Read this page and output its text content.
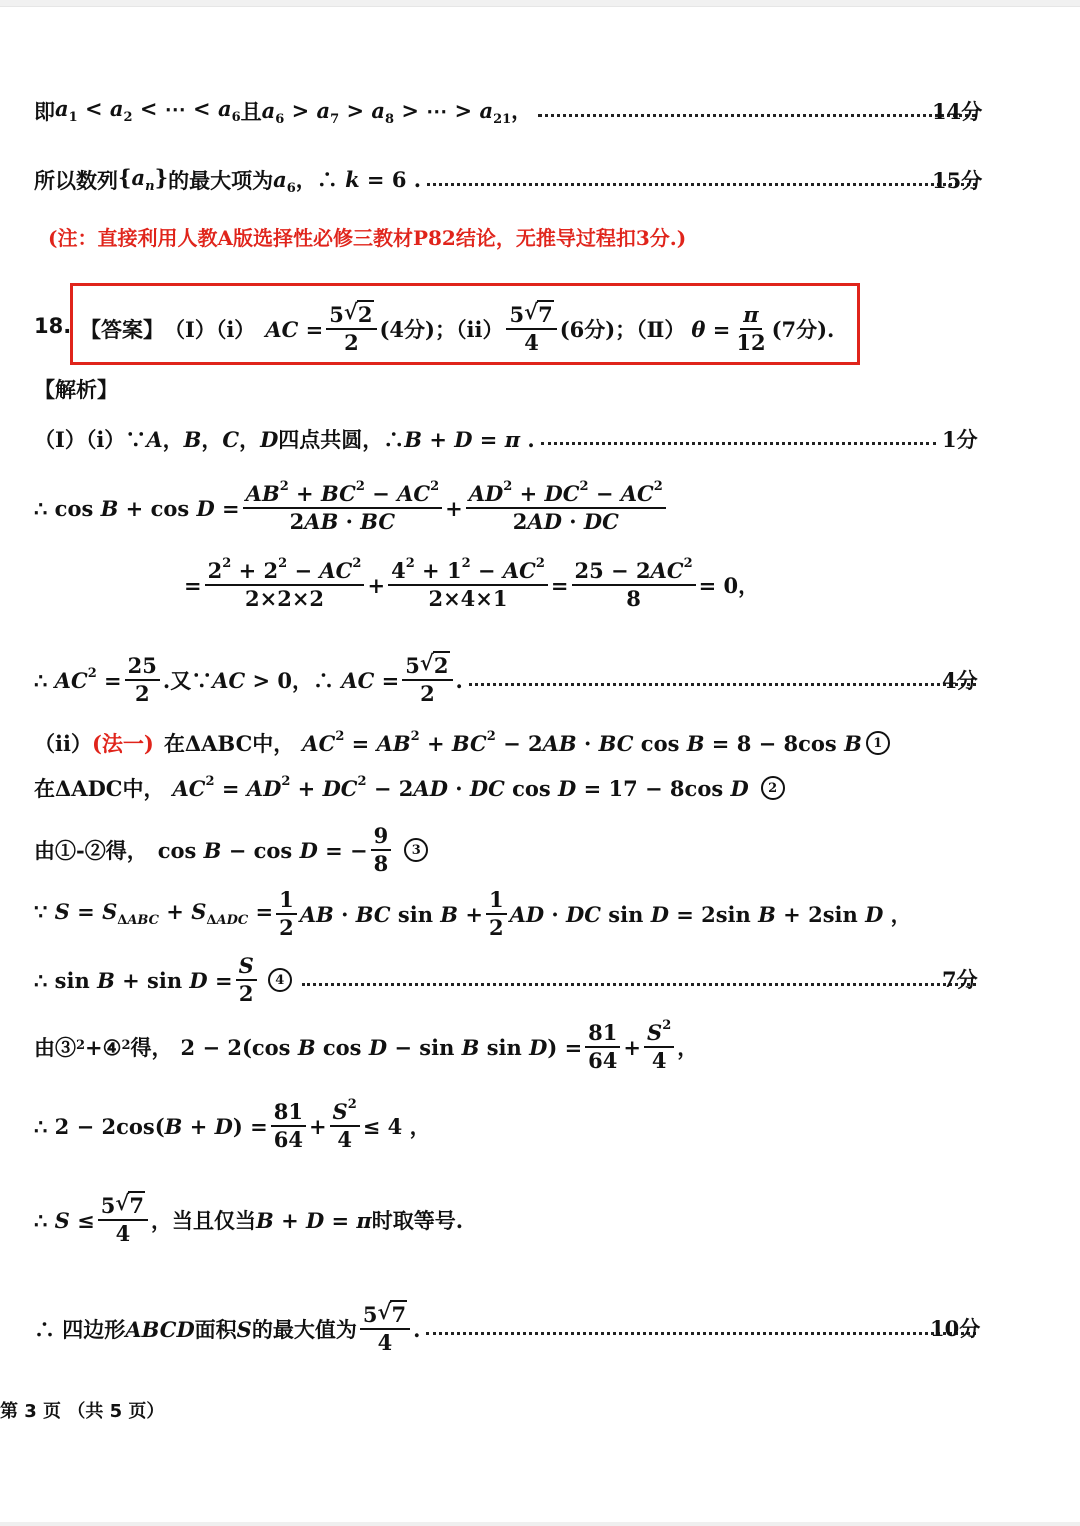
即 $a_1 < a_2$ < ⋯ < $a_6$ 且 $a_6 > a_7 > a_8$ > ⋯ > $a_{21}$，	14分
所以数列 $\{a_n\}$ 的最大项为 $a_6$，∴ k = 6 .	15分
(注：直接利用人教A版选择性必修三教材P82结论，无推导过程扣3分.)
18. 【答案】 （Ⅰ）（ⅰ） AC = $\frac{5 √ 2}{2} (4$分)；（ⅱ） $\frac{5 √ 7}{4} (6$分)；（Ⅱ） $\theta = \frac{\pi}{12} (7$分).
【解析】
（Ⅰ）（ⅰ）∵ A，B，C，D 四点共圆，∴ B + D = π .	1分
∴ $\cos B + \cos D = \frac{AB^2 + BC^2 - AC^2}{2AB \cdot BC} + \frac{AD^2 + DC^2 - AC^2}{2AD \cdot DC}$
= $\frac{2^2 + 2^2 - AC^2}{2\times 2\times 2} + \frac{4^2 + 1^2 - AC^2}{2\times 4\times 1} = \frac{25 - 2AC^2}{8} = 0$，
∴ $AC^2 = \frac{25}{2}$ .又∵ AC > 0，∴ AC = $\frac{5 √ 2}{2}$ .	4分
（ⅱ） (法一) 在ΔABC中， $AC^2 = AB^2 + BC^2 - 2AB$ · BC cos B = 8 − 8cos B 1
在ΔADC中， $AC^2 = AD^2 + DC^2 - 2AD$ · DC cos D = 17 − 8cos D	2
由①-②得， cos B − cos D = − $\frac{9}{8}$	3
∵ $S = S_{\Delta ABC} + S_{\Delta ADC} = \frac{1}{2}$ AB · BC $\sin B + \frac{1}{2}$ AD · DC sin D = 2sin B + 2sin D ，
∴ $\sin B + \sin D = \frac{S}{2}$	4	7分
由③$^2$ +④$^2$ 得， 2 − 2(cos B cos D − sin B $\sin D) = \frac{81}{64} + \frac{S^2}{4}$ ，
∴ $2 - 2\cos(B + D) = \frac{81}{64} + \frac{S^2}{4} \le 4$ ，
∴ $S \le \frac{5 √ 7}{4}$ ，当且仅当 B + D = π 时取等号.
∴ 四边形 ABCD 面积 S 的最大值为 $\frac{5 √ 7}{4}$ .	10分
第 3 页 （共 5 页）
